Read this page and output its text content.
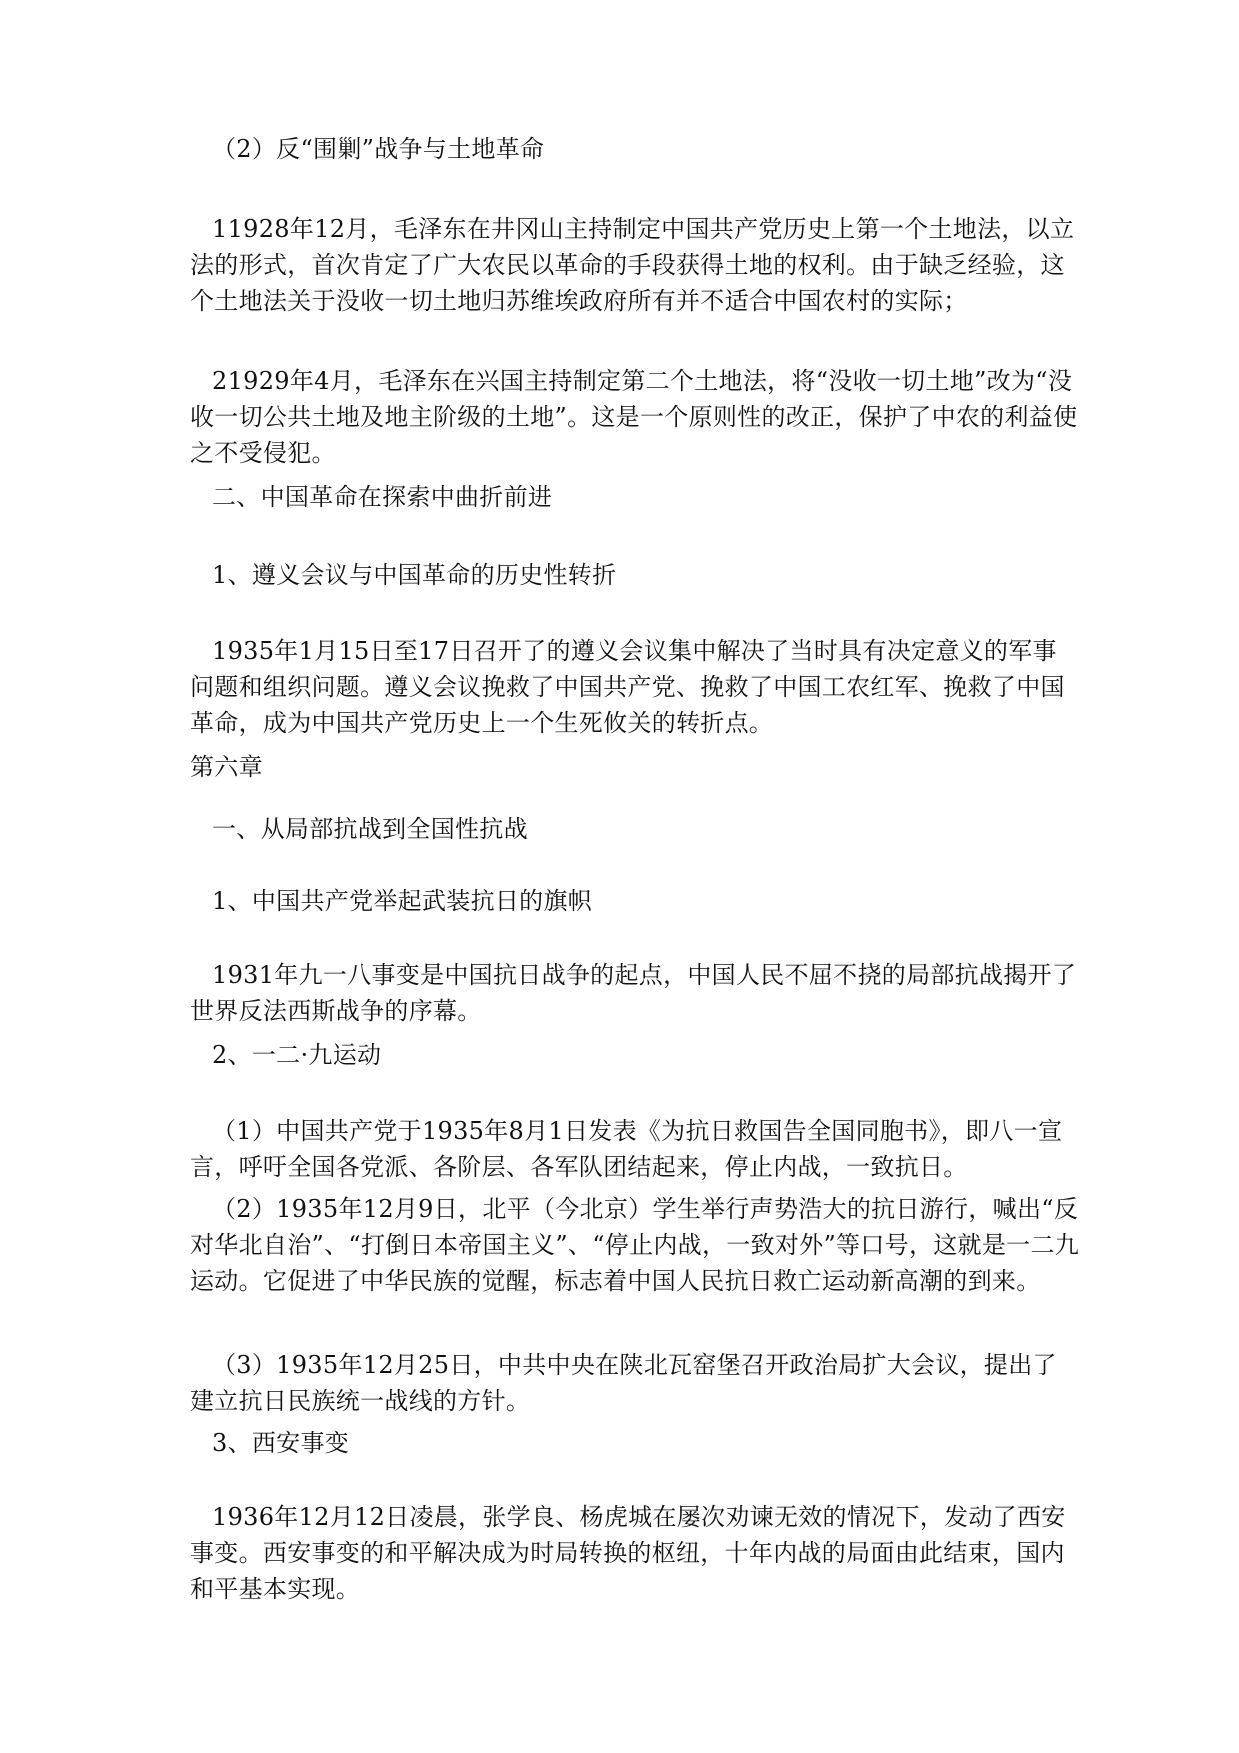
（2）反“围剿”战争与土地革命

11928年12月，毛泽东在井冈山主持制定中国共产党历史上第一个土地法，以立法的形式，首次肯定了广大农民以革命的手段获得土地的权利。由于缺乏经验，这个土地法关于没收一切土地归苏维埃政府所有并不适合中国农村的实际；

21929年4月，毛泽东在兴国主持制定第二个土地法，将“没收一切土地”改为“没收一切公共土地及地主阶级的土地”。这是一个原则性的改正，保护了中农的利益使之不受侵犯。

二、中国革命在探索中曲折前进

1、遵义会议与中国革命的历史性转折

1935年1月15日至17日召开了的遵义会议集中解决了当时具有决定意义的军事问题和组织问题。遵义会议挽救了中国共产党、挽救了中国工农红军、挽救了中国革命，成为中国共产党历史上一个生死攸关的转折点。

第六章

一、从局部抗战到全国性抗战

1、中国共产党举起武装抗日的旗帜

1931年九一八事变是中国抗日战争的起点，中国人民不屈不挠的局部抗战揭开了世界反法西斯战争的序幕。

2、一二·九运动

（1）中国共产党于1935年8月1日发表《为抗日救国告全国同胞书》，即八一宣言，呼吁全国各党派、各阶层、各军队团结起来，停止内战，一致抗日。

（2）1935年12月9日，北平（今北京）学生举行声势浩大的抗日游行，喊出“反对华北自治”、“打倒日本帝国主义”、“停止内战，一致对外”等口号，这就是一二九运动。它促进了中华民族的觉醒，标志着中国人民抗日救亡运动新高潮的到来。

（3）1935年12月25日，中共中央在陕北瓦窑堡召开政治局扩大会议，提出了建立抗日民族统一战线的方针。

3、西安事变

1936年12月12日凌晨，张学良、杨虎城在屡次劝谏无效的情况下，发动了西安事变。西安事变的和平解决成为时局转换的枢纽，十年内战的局面由此结束，国内和平基本实现。
